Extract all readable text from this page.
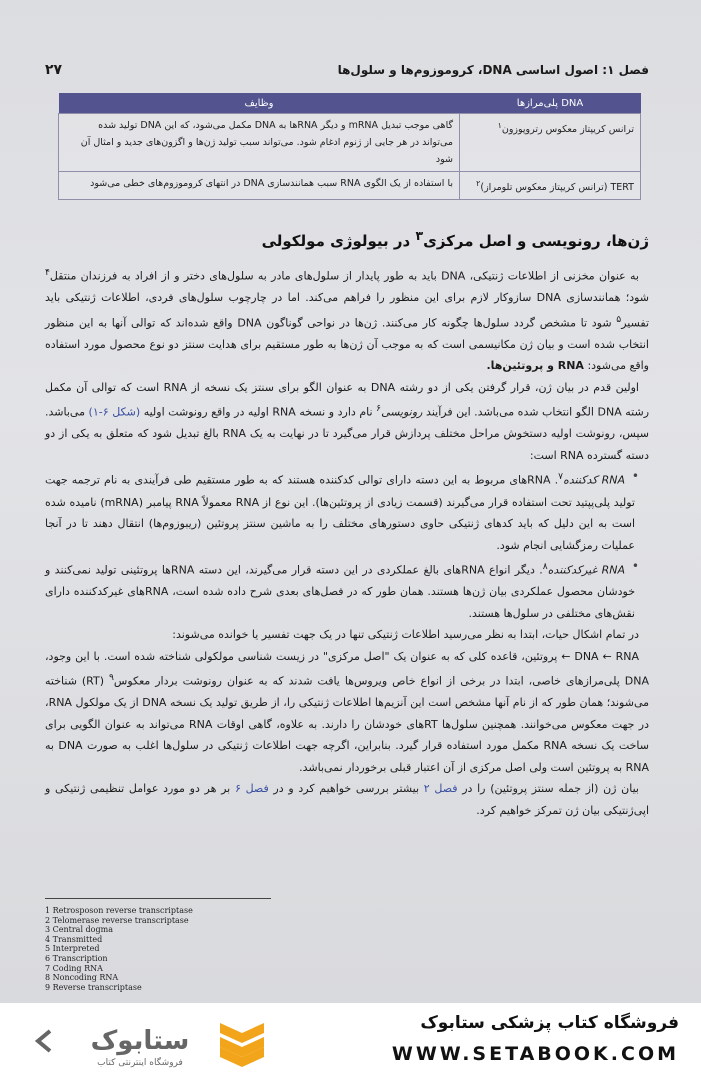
فصل ۱: اصول اساسی DNA، کروموزوم‌ها و سلول‌ها
۲۷
DNA پلی‌مرازها	وظایف
ترانس کریپتاز معکوس رتروپوزون$^۱$	گاهی موجب تبدیل mRNA و دیگر RNAها به DNA مکمل می‌شود، که این DNA تولید شده می‌تواند در هر جایی از ژنوم ادغام شود. می‌تواند سبب تولید ژن‌ها و اگزون‌های جدید و امثال آن شود
TERT (ترانس کریپتاز معکوس تلومراز)$^۲$	با استفاده از یک الگوی RNA سبب همانندسازی DNA در انتهای کروموزوم‌های خطی می‌شود
ژن‌ها، رونویسی و اصل مرکزی$^۳$ در بیولوژی مولکولی

به عنوان مخزنی از اطلاعات ژنتیکی، DNA باید به طور پایدار از سلول‌های مادر به سلول‌های دختر و از افراد به فرزندان منتقل$^۴$ شود؛ همانندسازی DNA سازوکار لازم برای این منظور را فراهم می‌کند. اما در چارچوب سلول‌های فردی، اطلاعات ژنتیکی باید تفسیر$^۵$ شود تا مشخص گردد سلول‌ها چگونه کار می‌کنند. ژن‌ها در نواحی گوناگون DNA واقع شده‌اند که توالی آنها به این منظور انتخاب شده است و بیان ژن مکانیسمی است که به موجب آن ژن‌ها به طور مستقیم برای هدایت سنتز دو نوع محصول مورد استفاده واقع می‌شود: RNA و پروتئین‌ها.

اولین قدم در بیان ژن، قرار گرفتن یکی از دو رشته DNA به عنوان الگو برای سنتز یک نسخه از RNA است که توالی آن مکمل رشته DNA الگو انتخاب شده می‌باشد. این فرآیند رونویسی$^۶$ نام دارد و نسخه RNA اولیه در واقع رونوشت اولیه (شکل ۶-۱) می‌باشد. سپس، رونوشت اولیه دستخوش مراحل مختلف پردازش قرار می‌گیرد تا در نهایت به یک RNA بالغ تبدیل شود که متعلق به یکی از دو دسته گسترده RNA است:

• RNA کدکننده$^۷$. RNAهای مربوط به این دسته دارای توالی کدکننده هستند که به طور مستقیم طی فرآیندی به نام ترجمه جهت تولید پلی‌پپتید تحت استفاده قرار می‌گیرند (قسمت زیادی از پروتئین‌ها). این نوع از RNA معمولاً RNA پیامبر (mRNA) نامیده شده است به این دلیل که باید کدهای ژنتیکی حاوی دستورهای مختلف را به ماشین سنتز پروتئین (ریبوزوم‌ها) انتقال دهند تا در آنجا عملیات رمزگشایی انجام شود.

• RNA غیرکدکننده$^۸$. دیگر انواع RNAهای بالغ عملکردی در این دسته قرار می‌گیرند، این دسته RNAها پروتئینی تولید نمی‌کنند و خودشان محصول عملکردی بیان ژن‌ها هستند. همان طور که در فصل‌های بعدی شرح داده شده است، RNAهای غیرکدکننده دارای نقش‌های مختلفی در سلول‌ها هستند.

در تمام اشکال حیات، ابتدا به نظر می‌رسید اطلاعات ژنتیکی تنها در یک جهت تفسیر یا خوانده می‌شوند:

DNA ← RNA ← پروتئین، قاعده کلی که به عنوان یک "اصل مرکزی" در زیست شناسی مولکولی شناخته شده است. با این وجود، DNA پلی‌مرازهای خاصی، ابتدا در برخی از انواع خاص ویروس‌ها یافت شدند که به عنوان رونوشت بردار معکوس$^۹$ (RT) شناخته می‌شوند؛ همان طور که از نام آنها مشخص است این آنزیم‌ها اطلاعات ژنتیکی را، از طریق تولید یک نسخه DNA از یک مولکول RNA، در جهت معکوس می‌خوانند. همچنین سلول‌ها RTهای خودشان را دارند. به علاوه، گاهی اوقات RNA می‌تواند به عنوان الگویی برای ساخت یک نسخه RNA مکمل مورد استفاده قرار گیرد. بنابراین، اگرچه جهت اطلاعات ژنتیکی در سلول‌ها اغلب به صورت DNA به RNA به پروتئین است ولی اصل مرکزی از آن اعتبار قبلی برخوردار نمی‌باشد.

بیان ژن (از جمله سنتز پروتئین) را در فصل ۲ بیشتر بررسی خواهیم کرد و در فصل ۶ بر هر دو مورد عوامل تنظیمی ژنتیکی و اپی‌ژنتیکی بیان ژن تمرکز خواهیم کرد.

1 Retrosposon reverse transcriptase
2 Telomerase reverse transcriptase
3 Central dogma
4 Transmitted
5 Interpreted
6 Transcription
7 Coding RNA
8 Noncoding RNA
9 Reverse transcriptase
ستابوک
فروشگاه اینترنتی کتاب
فروشگاه کتاب پزشکی ستابوک
WWW.SETABOOK.COM
